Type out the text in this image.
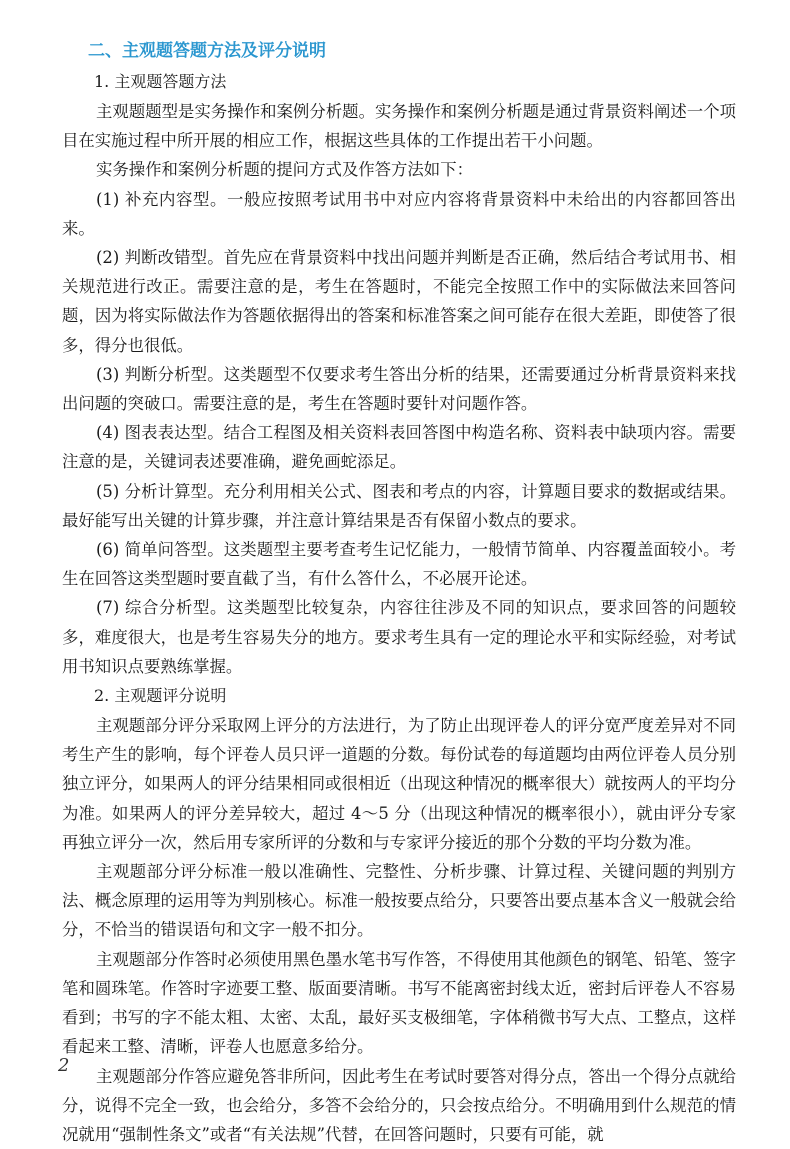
二、主观题答题方法及评分说明

1. 主观题答题方法

主观题题型是实务操作和案例分析题。实务操作和案例分析题是通过背景资料阐述一个项目在实施过程中所开展的相应工作，根据这些具体的工作提出若干小问题。

实务操作和案例分析题的提问方式及作答方法如下：

(1) 补充内容型。一般应按照考试用书中对应内容将背景资料中未给出的内容都回答出来。

(2) 判断改错型。首先应在背景资料中找出问题并判断是否正确，然后结合考试用书、相关规范进行改正。需要注意的是，考生在答题时，不能完全按照工作中的实际做法来回答问题，因为将实际做法作为答题依据得出的答案和标准答案之间可能存在很大差距，即使答了很多，得分也很低。

(3) 判断分析型。这类题型不仅要求考生答出分析的结果，还需要通过分析背景资料来找出问题的突破口。需要注意的是，考生在答题时要针对问题作答。

(4) 图表表达型。结合工程图及相关资料表回答图中构造名称、资料表中缺项内容。需要注意的是，关键词表述要准确，避免画蛇添足。

(5) 分析计算型。充分利用相关公式、图表和考点的内容，计算题目要求的数据或结果。最好能写出关键的计算步骤，并注意计算结果是否有保留小数点的要求。

(6) 简单问答型。这类题型主要考查考生记忆能力，一般情节简单、内容覆盖面较小。考生在回答这类型题时要直截了当，有什么答什么，不必展开论述。

(7) 综合分析型。这类题型比较复杂，内容往往涉及不同的知识点，要求回答的问题较多，难度很大，也是考生容易失分的地方。要求考生具有一定的理论水平和实际经验，对考试用书知识点要熟练掌握。

2. 主观题评分说明

主观题部分评分采取网上评分的方法进行，为了防止出现评卷人的评分宽严度差异对不同考生产生的影响，每个评卷人员只评一道题的分数。每份试卷的每道题均由两位评卷人员分别独立评分，如果两人的评分结果相同或很相近（出现这种情况的概率很大）就按两人的平均分为准。如果两人的评分差异较大，超过 4～5 分（出现这种情况的概率很小），就由评分专家再独立评分一次，然后用专家所评的分数和与专家评分接近的那个分数的平均分数为准。

主观题部分评分标准一般以准确性、完整性、分析步骤、计算过程、关键问题的判别方法、概念原理的运用等为判别核心。标准一般按要点给分，只要答出要点基本含义一般就会给分，不恰当的错误语句和文字一般不扣分。

主观题部分作答时必须使用黑色墨水笔书写作答，不得使用其他颜色的钢笔、铅笔、签字笔和圆珠笔。作答时字迹要工整、版面要清晰。书写不能离密封线太近，密封后评卷人不容易看到；书写的字不能太粗、太密、太乱，最好买支极细笔，字体稍微书写大点、工整点，这样看起来工整、清晰，评卷人也愿意多给分。

主观题部分作答应避免答非所问，因此考生在考试时要答对得分点，答出一个得分点就给分，说得不完全一致，也会给分，多答不会给分的，只会按点给分。不明确用到什么规范的情况就用“强制性条文”或者“有关法规”代替，在回答问题时，只要有可能，就

2
